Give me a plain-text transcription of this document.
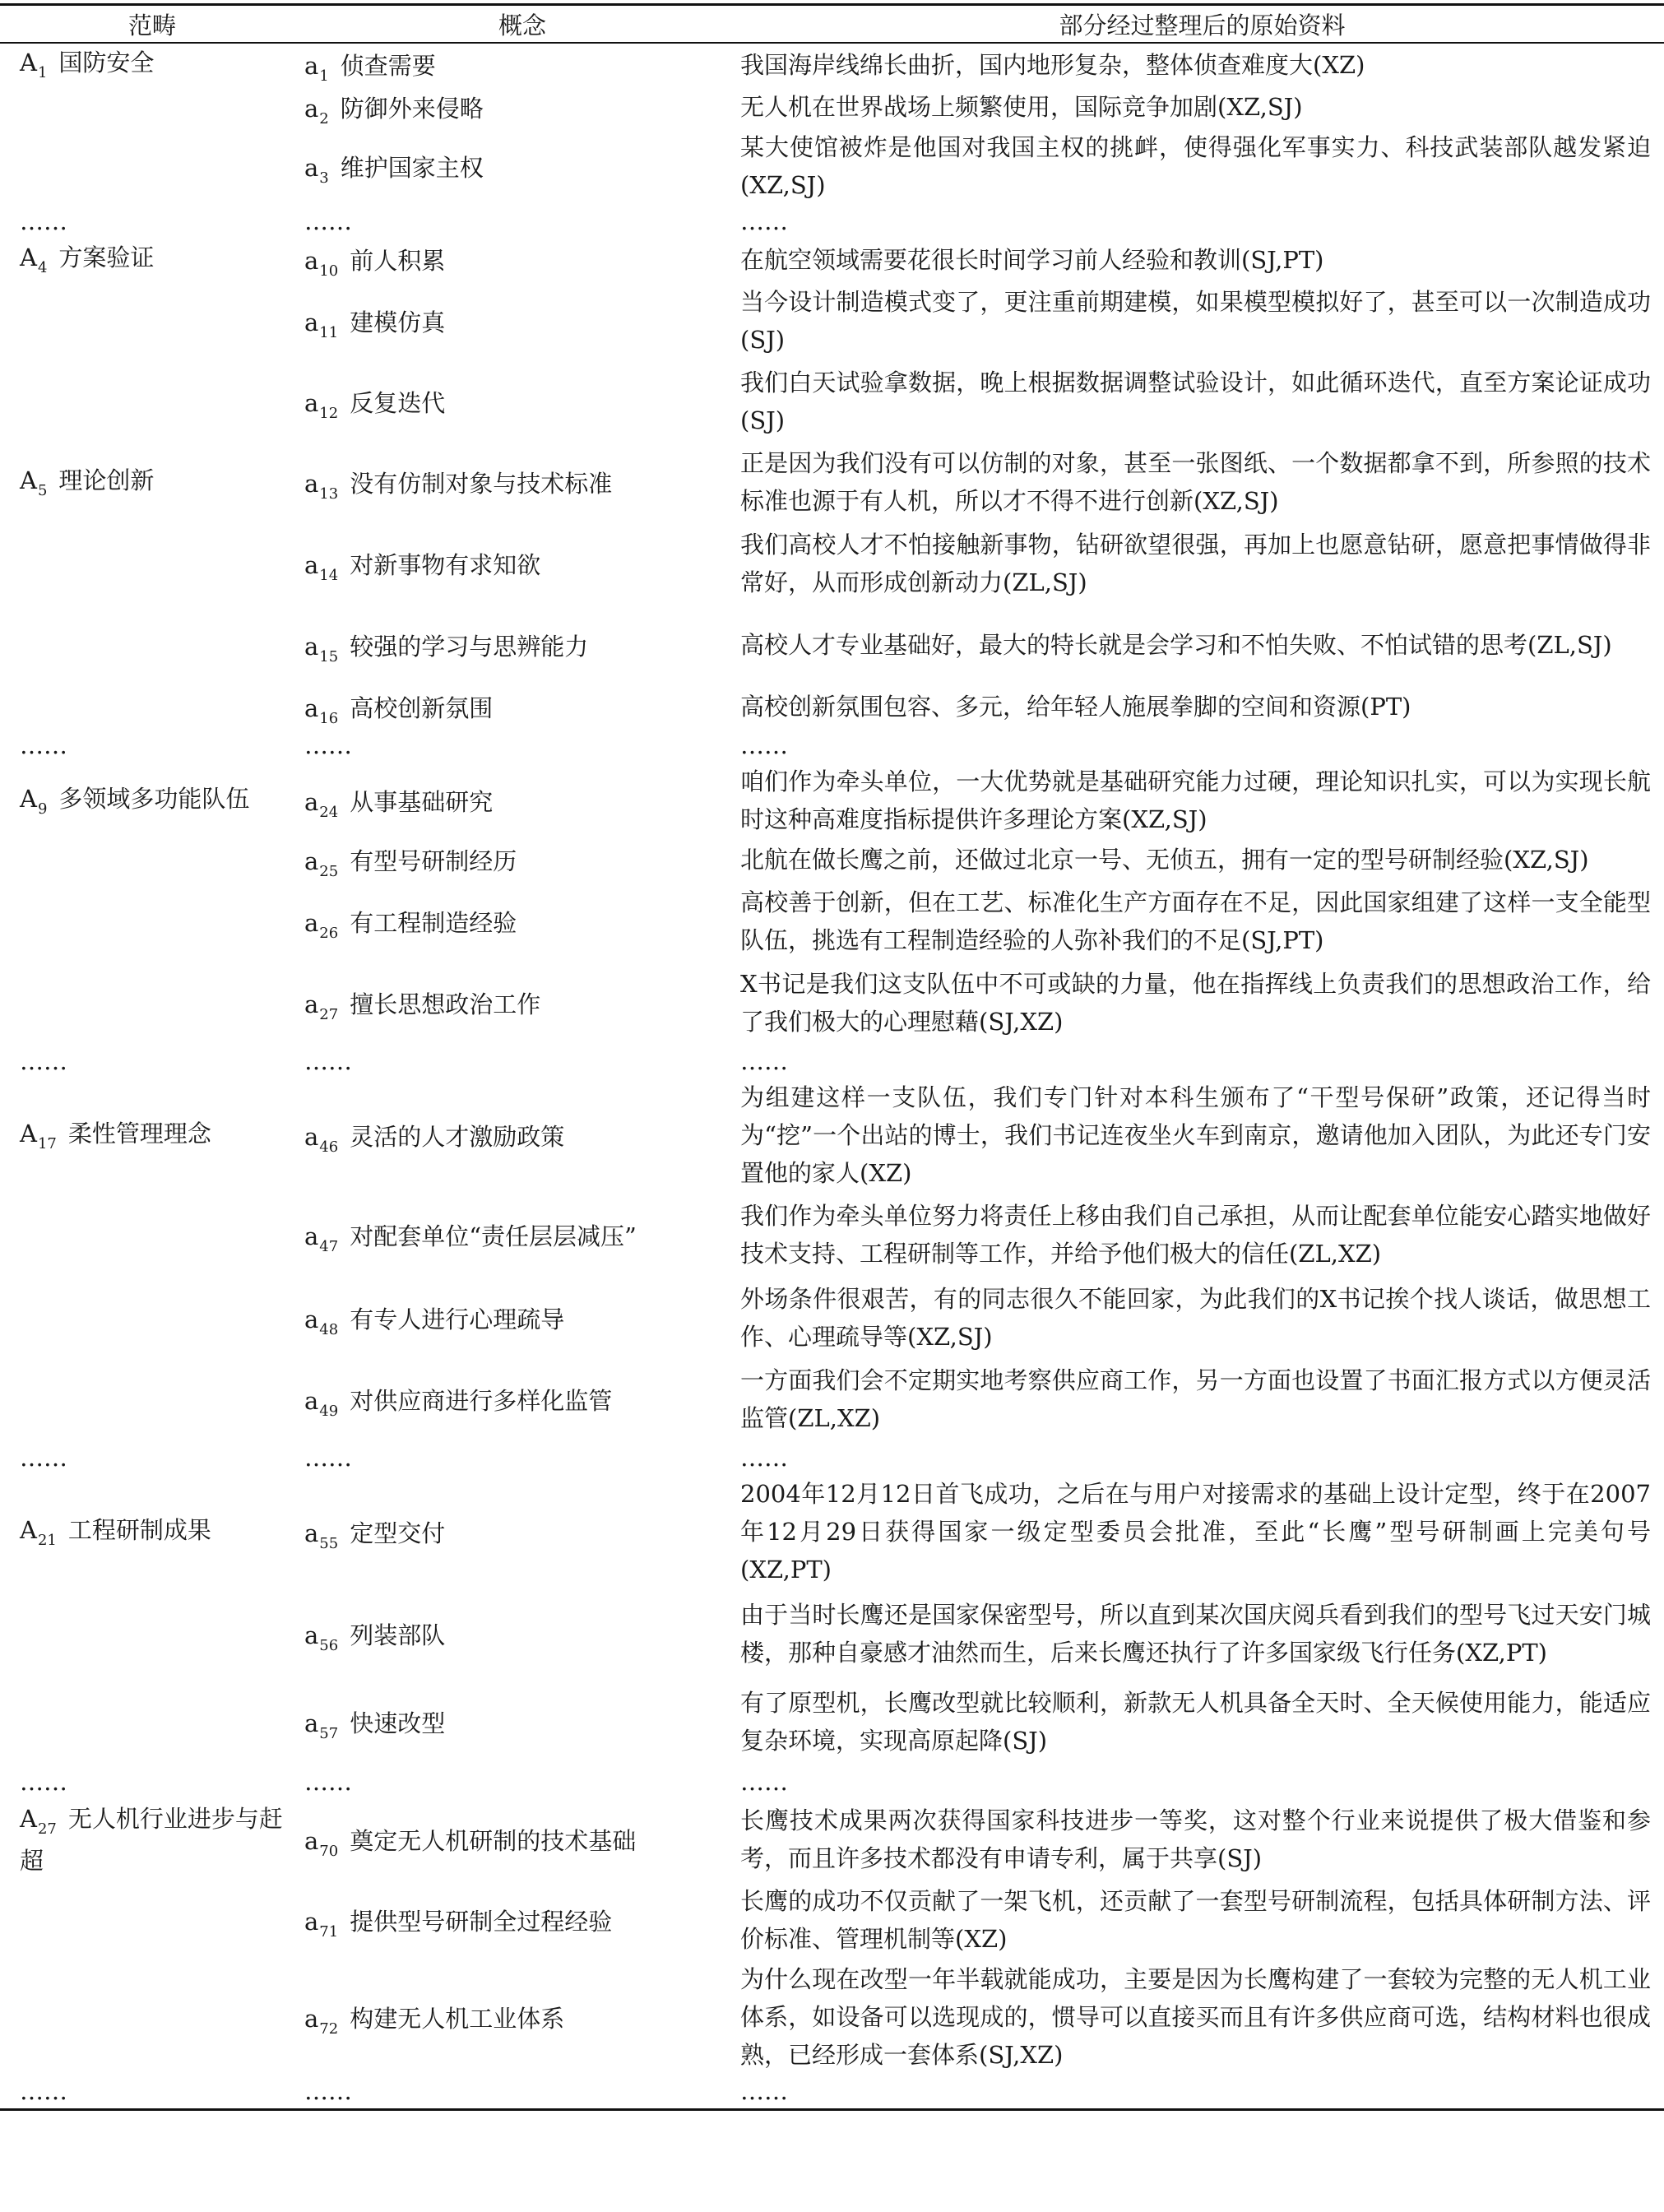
范畴	概念	部分经过整理后的原始资料

$A_1$ 国防安全	$a_1$ 侦查需要	我国海岸线绵长曲折，国内地形复杂，整体侦查难度大(XZ)
	$a_2$ 防御外来侵略	无人机在世界战场上频繁使用，国际竞争加剧(XZ,SJ)
	$a_3$ 维护国家主权	某大使馆被炸是他国对我国主权的挑衅，使得强化军事实力、科技武装部队越发紧迫(XZ,SJ)
……	……	……

$A_4$ 方案验证	$a_{10}$ 前人积累	在航空领域需要花很长时间学习前人经验和教训(SJ,PT)
	$a_{11}$ 建模仿真	当今设计制造模式变了，更注重前期建模，如果模型模拟好了，甚至可以一次制造成功(SJ)
	$a_{12}$ 反复迭代	我们白天试验拿数据，晚上根据数据调整试验设计，如此循环迭代，直至方案论证成功(SJ)

$A_5$ 理论创新	$a_{13}$ 没有仿制对象与技术标准	正是因为我们没有可以仿制的对象，甚至一张图纸、一个数据都拿不到，所参照的技术标准也源于有人机，所以才不得不进行创新(XZ,SJ)
	$a_{14}$ 对新事物有求知欲	我们高校人才不怕接触新事物，钻研欲望很强，再加上也愿意钻研，愿意把事情做得非常好，从而形成创新动力(ZL,SJ)
	$a_{15}$ 较强的学习与思辨能力	高校人才专业基础好，最大的特长就是会学习和不怕失败、不怕试错的思考(ZL,SJ)
	$a_{16}$ 高校创新氛围	高校创新氛围包容、多元，给年轻人施展拳脚的空间和资源(PT)
……	……	……

$A_9$ 多领域多功能队伍	$a_{24}$ 从事基础研究	咱们作为牵头单位，一大优势就是基础研究能力过硬，理论知识扎实，可以为实现长航时这种高难度指标提供许多理论方案(XZ,SJ)
	$a_{25}$ 有型号研制经历	北航在做长鹰之前，还做过北京一号、无侦五，拥有一定的型号研制经验(XZ,SJ)
	$a_{26}$ 有工程制造经验	高校善于创新，但在工艺、标准化生产方面存在不足，因此国家组建了这样一支全能型队伍，挑选有工程制造经验的人弥补我们的不足(SJ,PT)
	$a_{27}$ 擅长思想政治工作	X书记是我们这支队伍中不可或缺的力量，他在指挥线上负责我们的思想政治工作，给了我们极大的心理慰藉(SJ,XZ)
……	……	……

$A_{17}$ 柔性管理理念	$a_{46}$ 灵活的人才激励政策	为组建这样一支队伍，我们专门针对本科生颁布了“干型号保研”政策，还记得当时为“挖”一个出站的博士，我们书记连夜坐火车到南京，邀请他加入团队，为此还专门安置他的家人(XZ)
	$a_{47}$ 对配套单位“责任层层减压”	我们作为牵头单位努力将责任上移由我们自己承担，从而让配套单位能安心踏实地做好技术支持、工程研制等工作，并给予他们极大的信任(ZL,XZ)
	$a_{48}$ 有专人进行心理疏导	外场条件很艰苦，有的同志很久不能回家，为此我们的X书记挨个找人谈话，做思想工作、心理疏导等(XZ,SJ)
	$a_{49}$ 对供应商进行多样化监管	一方面我们会不定期实地考察供应商工作，另一方面也设置了书面汇报方式以方便灵活监管(ZL,XZ)
……	……	……

$A_{21}$ 工程研制成果	$a_{55}$ 定型交付	2004年12月12日首飞成功，之后在与用户对接需求的基础上设计定型，终于在2007年12月29日获得国家一级定型委员会批准，至此“长鹰”型号研制画上完美句号(XZ,PT)
	$a_{56}$ 列装部队	由于当时长鹰还是国家保密型号，所以直到某次国庆阅兵看到我们的型号飞过天安门城楼，那种自豪感才油然而生，后来长鹰还执行了许多国家级飞行任务(XZ,PT)
	$a_{57}$ 快速改型	有了原型机，长鹰改型就比较顺利，新款无人机具备全天时、全天候使用能力，能适应复杂环境，实现高原起降(SJ)
……	……	……

$A_{27}$ 无人机行业进步与赶超	$a_{70}$ 奠定无人机研制的技术基础	长鹰技术成果两次获得国家科技进步一等奖，这对整个行业来说提供了极大借鉴和参考，而且许多技术都没有申请专利，属于共享(SJ)
	$a_{71}$ 提供型号研制全过程经验	长鹰的成功不仅贡献了一架飞机，还贡献了一套型号研制流程，包括具体研制方法、评价标准、管理机制等(XZ)
	$a_{72}$ 构建无人机工业体系	为什么现在改型一年半载就能成功，主要是因为长鹰构建了一套较为完整的无人机工业体系，如设备可以选现成的，惯导可以直接买而且有许多供应商可选，结构材料也很成熟，已经形成一套体系(SJ,XZ)
……	……	……
